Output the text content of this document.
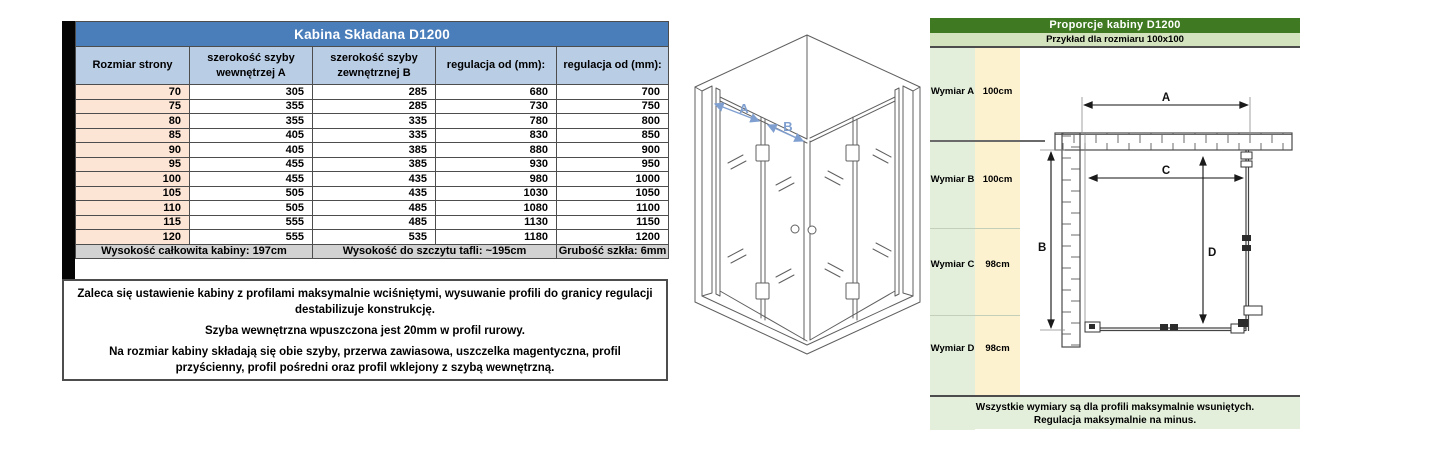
Kabina Składana D1200				
Rozmiar strony	szerokość szyby wewnętrzej A	szerokość szyby zewnętrznej B	regulacja od (mm):	regulacja od (mm):
70	305	285	680	700
75	355	285	730	750
80	355	335	780	800
85	405	335	830	850
90	405	385	880	900
95	455	385	930	950
100	455	435	980	1000
105	505	435	1030	1050
110	505	485	1080	1100
115	555	485	1130	1150
120	555	535	1180	1200
Wysokość całkowita kabiny: 197cm		Wysokość do szczytu tafli: ~195cm		Grubość szkła: 6mm

Zaleca się ustawienie kabiny z profilami maksymalnie wciśniętymi, wysuwanie profili do granicy regulacji destabilizuje konstrukcję.

Szyba wewnętrzna wpuszczona jest 20mm w profil rurowy.

Na rozmiar kabiny składają się obie szyby, przerwa zawiasowa, uszczelka magentyczna, profil przyścienny, profil pośredni oraz profil wklejony z szybą wewnętrzną.

A
B
Proporcje kabiny D1200
Przykład dla rozmiaru 100x100
Wymiar A 100cm
Wymiar B 100cm
Wymiar C	98cm
Wymiar D	98cm
Wszystkie wymiary są dla profili maksymalnie wsuniętych.
Regulacja maksymalnie na minus.
A
B
C
D
